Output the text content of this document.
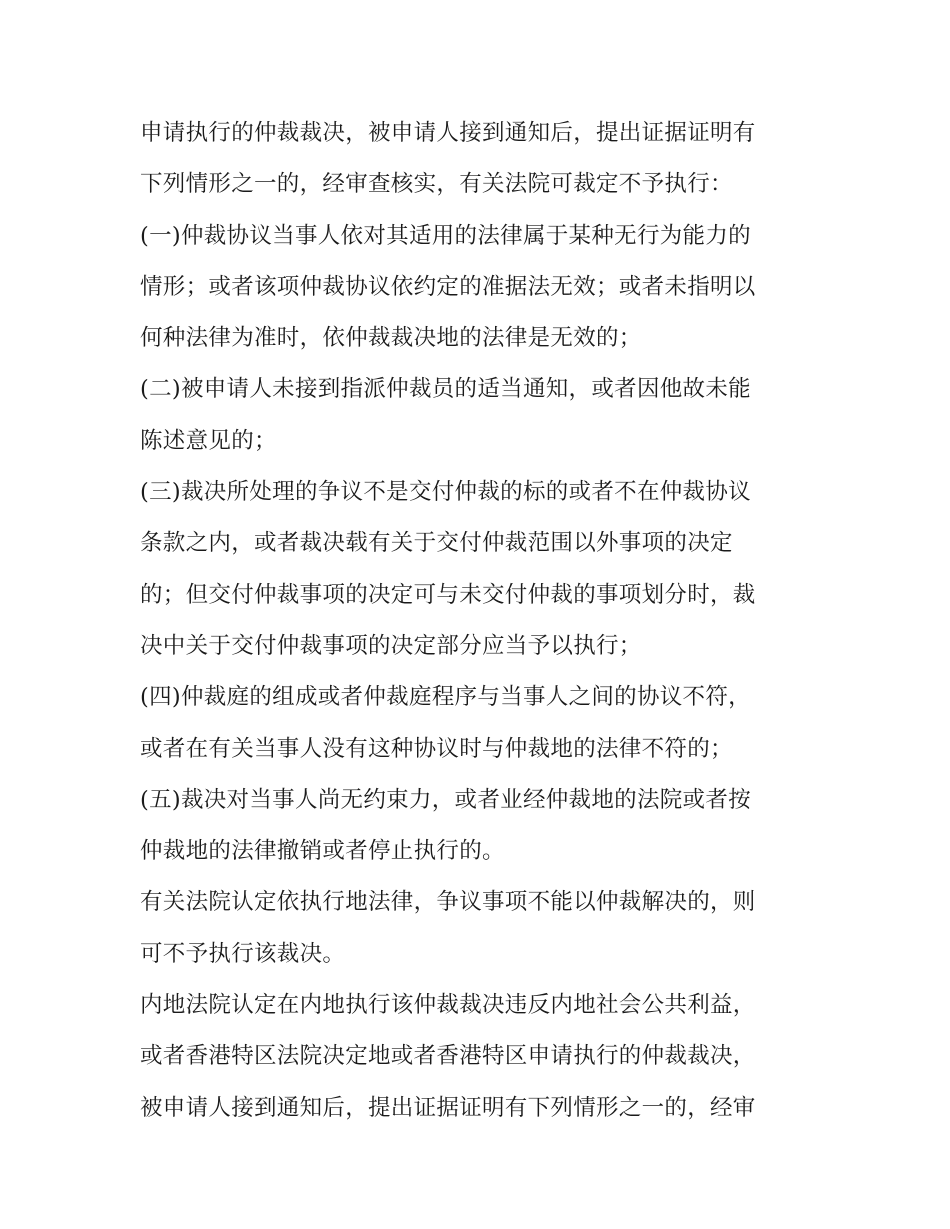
申请执行的仲裁裁决，被申请人接到通知后，提出证据证明有
下列情形之一的，经审查核实，有关法院可裁定不予执行：
(一)仲裁协议当事人依对其适用的法律属于某种无行为能力的
情形；或者该项仲裁协议依约定的准据法无效；或者未指明以
何种法律为准时，依仲裁裁决地的法律是无效的；
(二)被申请人未接到指派仲裁员的适当通知，或者因他故未能
陈述意见的；
(三)裁决所处理的争议不是交付仲裁的标的或者不在仲裁协议
条款之内，或者裁决载有关于交付仲裁范围以外事项的决定
的；但交付仲裁事项的决定可与未交付仲裁的事项划分时，裁
决中关于交付仲裁事项的决定部分应当予以执行；
(四)仲裁庭的组成或者仲裁庭程序与当事人之间的协议不符，
或者在有关当事人没有这种协议时与仲裁地的法律不符的；
(五)裁决对当事人尚无约束力，或者业经仲裁地的法院或者按
仲裁地的法律撤销或者停止执行的。
有关法院认定依执行地法律，争议事项不能以仲裁解决的，则
可不予执行该裁决。
内地法院认定在内地执行该仲裁裁决违反内地社会公共利益，
或者香港特区法院决定地或者香港特区申请执行的仲裁裁决，
被申请人接到通知后，提出证据证明有下列情形之一的，经审
